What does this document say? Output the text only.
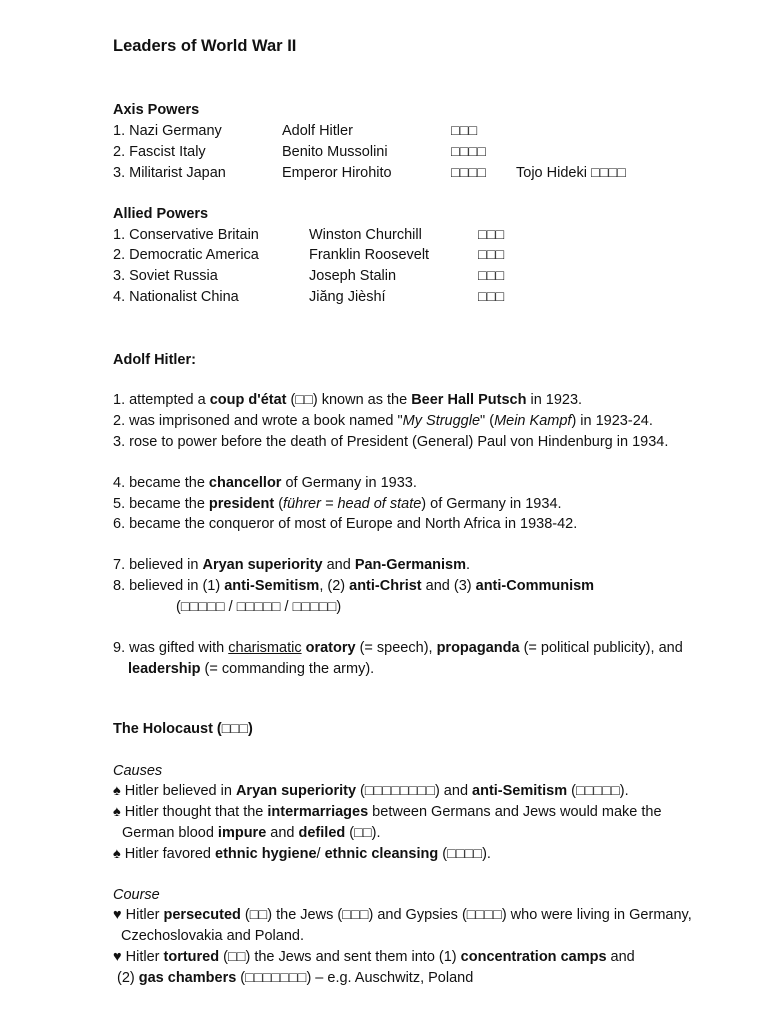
Leaders of World War II
Axis Powers
1. Nazi Germany	Adolf Hitler	□□□
2. Fascist Italy	Benito Mussolini	□□□□
3. Militarist Japan	Emperor Hirohito	□□□□ Tojo Hideki □□□□
Allied Powers
1. Conservative Britain	Winston Churchill	□□□
2. Democratic America	Franklin Roosevelt	□□□
3. Soviet Russia	Joseph Stalin	□□□
4. Nationalist China	Jiăng Jièshí	□□□
Adolf Hitler:
1. attempted a coup d'état (□□) known as the Beer Hall Putsch in 1923.
2. was imprisoned and wrote a book named "My Struggle" (Mein Kampf) in 1923-24.
3. rose to power before the death of President (General) Paul von Hindenburg in 1934.
4. became the chancellor of Germany in 1933.
5. became the president (führer = head of state) of Germany in 1934.
6. became the conqueror of most of Europe and North Africa in 1938-42.
7. believed in Aryan superiority and Pan-Germanism.
8. believed in (1) anti-Semitism, (2) anti-Christ and (3) anti-Communism
(□□□□□ / □□□□□ / □□□□□)
9. was gifted with charismatic oratory (= speech), propaganda (= political publicity), and
leadership (= commanding the army).
The Holocaust (□□□)
Causes
♠ Hitler believed in Aryan superiority (□□□□□□□□) and anti-Semitism (□□□□□).
♠ Hitler thought that the intermarriages between Germans and Jews would make the
German blood impure and defiled (□□).
♠ Hitler favored ethnic hygiene/ ethnic cleansing (□□□□).
Course
♥ Hitler persecuted (□□) the Jews (□□□) and Gypsies (□□□□) who were living in Germany,
Czechoslovakia and Poland.
♥ Hitler tortured (□□) the Jews and sent them into (1) concentration camps and
(2) gas chambers (□□□□□□□) – e.g. Auschwitz, Poland
